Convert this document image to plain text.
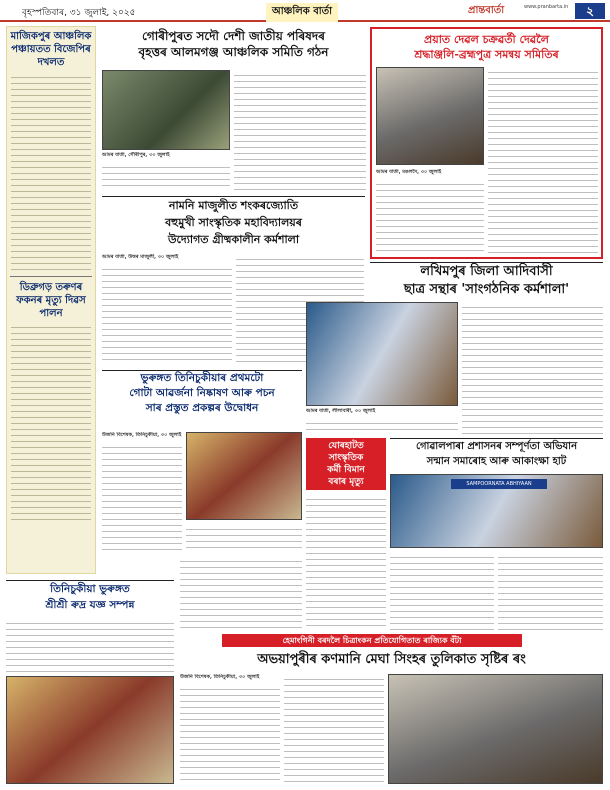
বৃহস্পতিবাৰ, ৩১ জুলাই, ২০২৫	আঞ্চলিক বাৰ্তা	প্ৰান্তবাৰ্তা	www.pranbarta.in	২
মাজিকপুৰ আঞ্চলিক পঞ্চায়তত বিজেপিৰ দখলত
ডিব্ৰুগড় তৰুণৰ ফকনৰ মৃত্যু দিৱস পালন
গোৰীপুৰত সদৌ দেশী জাতীয় পৰিষদৰ
বৃহত্তৰ আলমগঞ্জ আঞ্চলিক সমিতি গঠন
আমৰ বাৰ্তা, গৌৰীপুৰ, ৩০ জুলাই
প্ৰয়াত দেৱল চক্ৰৱৰ্তী দেৱলৈ
শ্ৰদ্ধাঞ্জলি-ব্ৰহ্মপুত্ৰ সমন্বয় সমিতিৰ
আমৰ বাৰ্তা, মঙলদৈ, ৩০ জুলাই
নামনি মাজুলীত শংকৰজ্যোতি
বহুমুখী সাংস্কৃতিক মহাবিদ্যালয়ৰ
উদ্যোগত গ্ৰীষ্মকালীন কৰ্মশালা
আমৰ বাৰ্তা, উত্তৰ মাজুলী, ৩০ জুলাই
লখিমপুৰ জিলা আদিবাসী
ছাত্ৰ সন্থাৰ 'সাংগঠনিক কৰ্মশালা'
আমৰ বাৰ্তা, লীলাবাৰী, ৩০ জুলাই
ভুৰুঙ্গত তিনিচুকীয়াৰ প্ৰথমটো
গোটা আৱৰ্জনা নিষ্কাষণ আৰু পচন
সাৰ প্ৰস্তুত প্ৰকল্পৰ উদ্বোধন
উজনি বিশেষক, তিনিচুকীয়া, ৩০ জুলাই
যোৰহাটত
সাংস্কৃতিক
কৰ্মী বিমান
বৰাৰ মৃত্যু
গোৱালপাৰা প্ৰশাসনৰ সম্পূৰ্ণতা অভিযান
সন্মান সমাৰোহ আৰু আকাংক্ষা হাট
SAMPOORNATA ABHIYAAN
তিনিচুকীয়া ভুৰুঙ্গত
শ্ৰীশ্ৰী ৰুদ্ৰ যজ্ঞ সম্পন্ন
হেমাংগিনী বৰদলৈ চিত্ৰাংকন প্ৰতিযোগিতাত ৰাজ্যিক বঁটা
অভয়াপুৰীৰ কণমানি মেঘা সিংহৰ তুলিকাত সৃষ্টিৰ ৰং
উজনি বিশেষক, তিনিচুকীয়া, ৩০ জুলাই
